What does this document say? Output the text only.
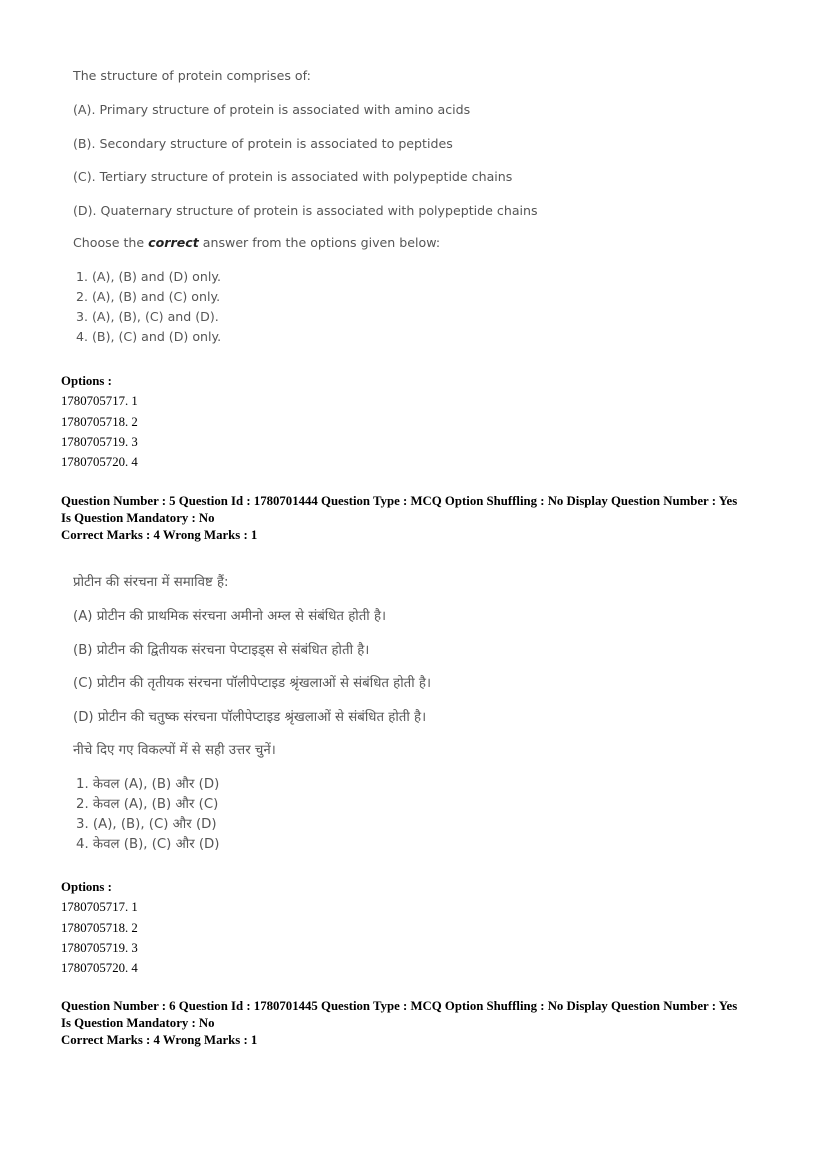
The structure of protein comprises of:
(A). Primary structure of protein is associated with amino acids
(B). Secondary structure of protein is associated to peptides
(C). Tertiary structure of protein is associated with polypeptide chains
(D). Quaternary structure of protein is associated with polypeptide chains
Choose the correct answer from the options given below:
1. (A), (B) and (D) only.
2. (A), (B) and (C) only.
3. (A), (B), (C) and (D).
4. (B), (C) and (D) only.
Options :
1780705717. 1
1780705718. 2
1780705719. 3
1780705720. 4
Question Number : 5 Question Id : 1780701444 Question Type : MCQ Option Shuffling : No Display Question Number : Yes
Is Question Mandatory : No
Correct Marks : 4 Wrong Marks : 1
प्रोटीन की संरचना में समाविष्ट हैं:
(A) प्रोटीन की प्राथमिक संरचना अमीनो अम्ल से संबंधित होती है।
(B) प्रोटीन की द्वितीयक संरचना पेप्टाइड्स से संबंधित होती है।
(C) प्रोटीन की तृतीयक संरचना पॉलीपेप्टाइड श्रृंखलाओं से संबंधित होती है।
(D) प्रोटीन की चतुष्क संरचना पॉलीपेप्टाइड श्रृंखलाओं से संबंधित होती है।
नीचे दिए गए विकल्पों में से सही उत्तर चुनें।
1. केवल (A), (B) और (D)
2. केवल (A), (B) और (C)
3. (A), (B), (C) और (D)
4. केवल (B), (C) और (D)
Options :
1780705717. 1
1780705718. 2
1780705719. 3
1780705720. 4
Question Number : 6 Question Id : 1780701445 Question Type : MCQ Option Shuffling : No Display Question Number : Yes
Is Question Mandatory : No
Correct Marks : 4 Wrong Marks : 1
